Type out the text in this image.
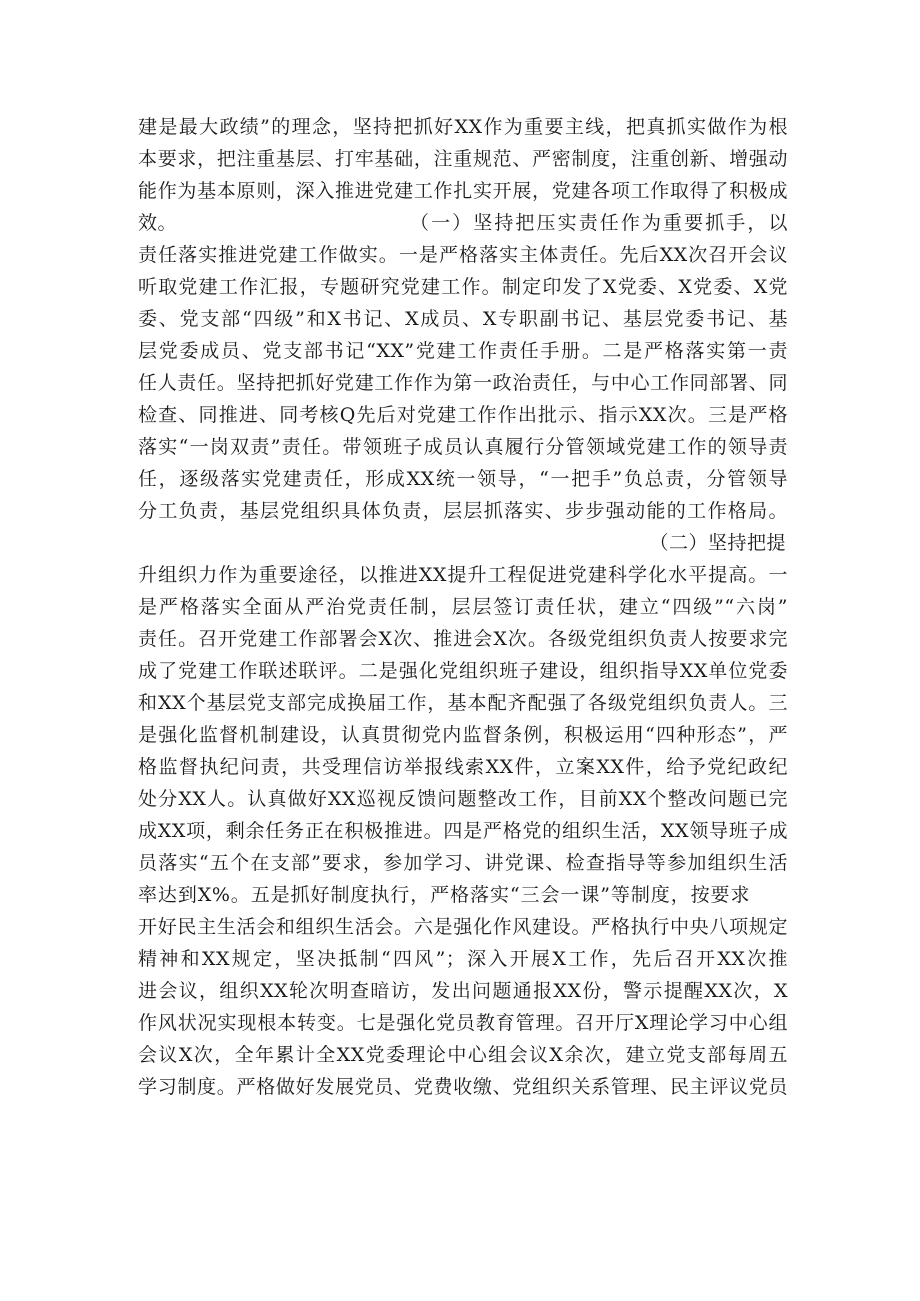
建是最大政绩”的理念，坚持把抓好XX作为重要主线，把真抓实做作为根
本要求，把注重基层、打牢基础，注重规范、严密制度，注重创新、增强动
能作为基本原则，深入推进党建工作扎实开展，党建各项工作取得了积极成
效。	（一）坚持把压实责任作为重要抓手，以
责任落实推进党建工作做实。一是严格落实主体责任。先后XX次召开会议
听取党建工作汇报，专题研究党建工作。制定印发了X党委、X党委、X党
委、党支部“四级”和X书记、X成员、X专职副书记、基层党委书记、基
层党委成员、党支部书记“XX”党建工作责任手册。二是严格落实第一责
任人责任。坚持把抓好党建工作作为第一政治责任，与中心工作同部署、同
检查、同推进、同考核Q先后对党建工作作出批示、指示XX次。三是严格
落实“一岗双责”责任。带领班子成员认真履行分管领域党建工作的领导责
任，逐级落实党建责任，形成XX统一领导，“一把手”负总责，分管领导
分工负责，基层党组织具体负责，层层抓落实、步步强动能的工作格局。
（二）坚持把提
升组织力作为重要途径，以推进XX提升工程促进党建科学化水平提高。一
是严格落实全面从严治党责任制，层层签订责任状，建立“四级”“六岗”
责任。召开党建工作部署会X次、推进会X次。各级党组织负责人按要求完
成了党建工作联述联评。二是强化党组织班子建设，组织指导XX单位党委
和XX个基层党支部完成换届工作，基本配齐配强了各级党组织负责人。三
是强化监督机制建设，认真贯彻党内监督条例，积极运用“四种形态”，严
格监督执纪问责，共受理信访举报线索XX件，立案XX件，给予党纪政纪
处分XX人。认真做好XX巡视反馈问题整改工作，目前XX个整改问题已完
成XX项，剩余任务正在积极推进。四是严格党的组织生活，XX领导班子成
员落实“五个在支部”要求，参加学习、讲党课、检查指导等参加组织生活
率达到X%。五是抓好制度执行，严格落实“三会一课”等制度，按要求
开好民主生活会和组织生活会。六是强化作风建设。严格执行中央八项规定
精神和XX规定，坚决抵制“四风”；深入开展X工作，先后召开XX次推
进会议，组织XX轮次明查暗访，发出问题通报XX份，警示提醒XX次，X
作风状况实现根本转变。七是强化党员教育管理。召开厅X理论学习中心组
会议X次，全年累计全XX党委理论中心组会议X余次，建立党支部每周五
学习制度。严格做好发展党员、党费收缴、党组织关系管理、民主评议党员
